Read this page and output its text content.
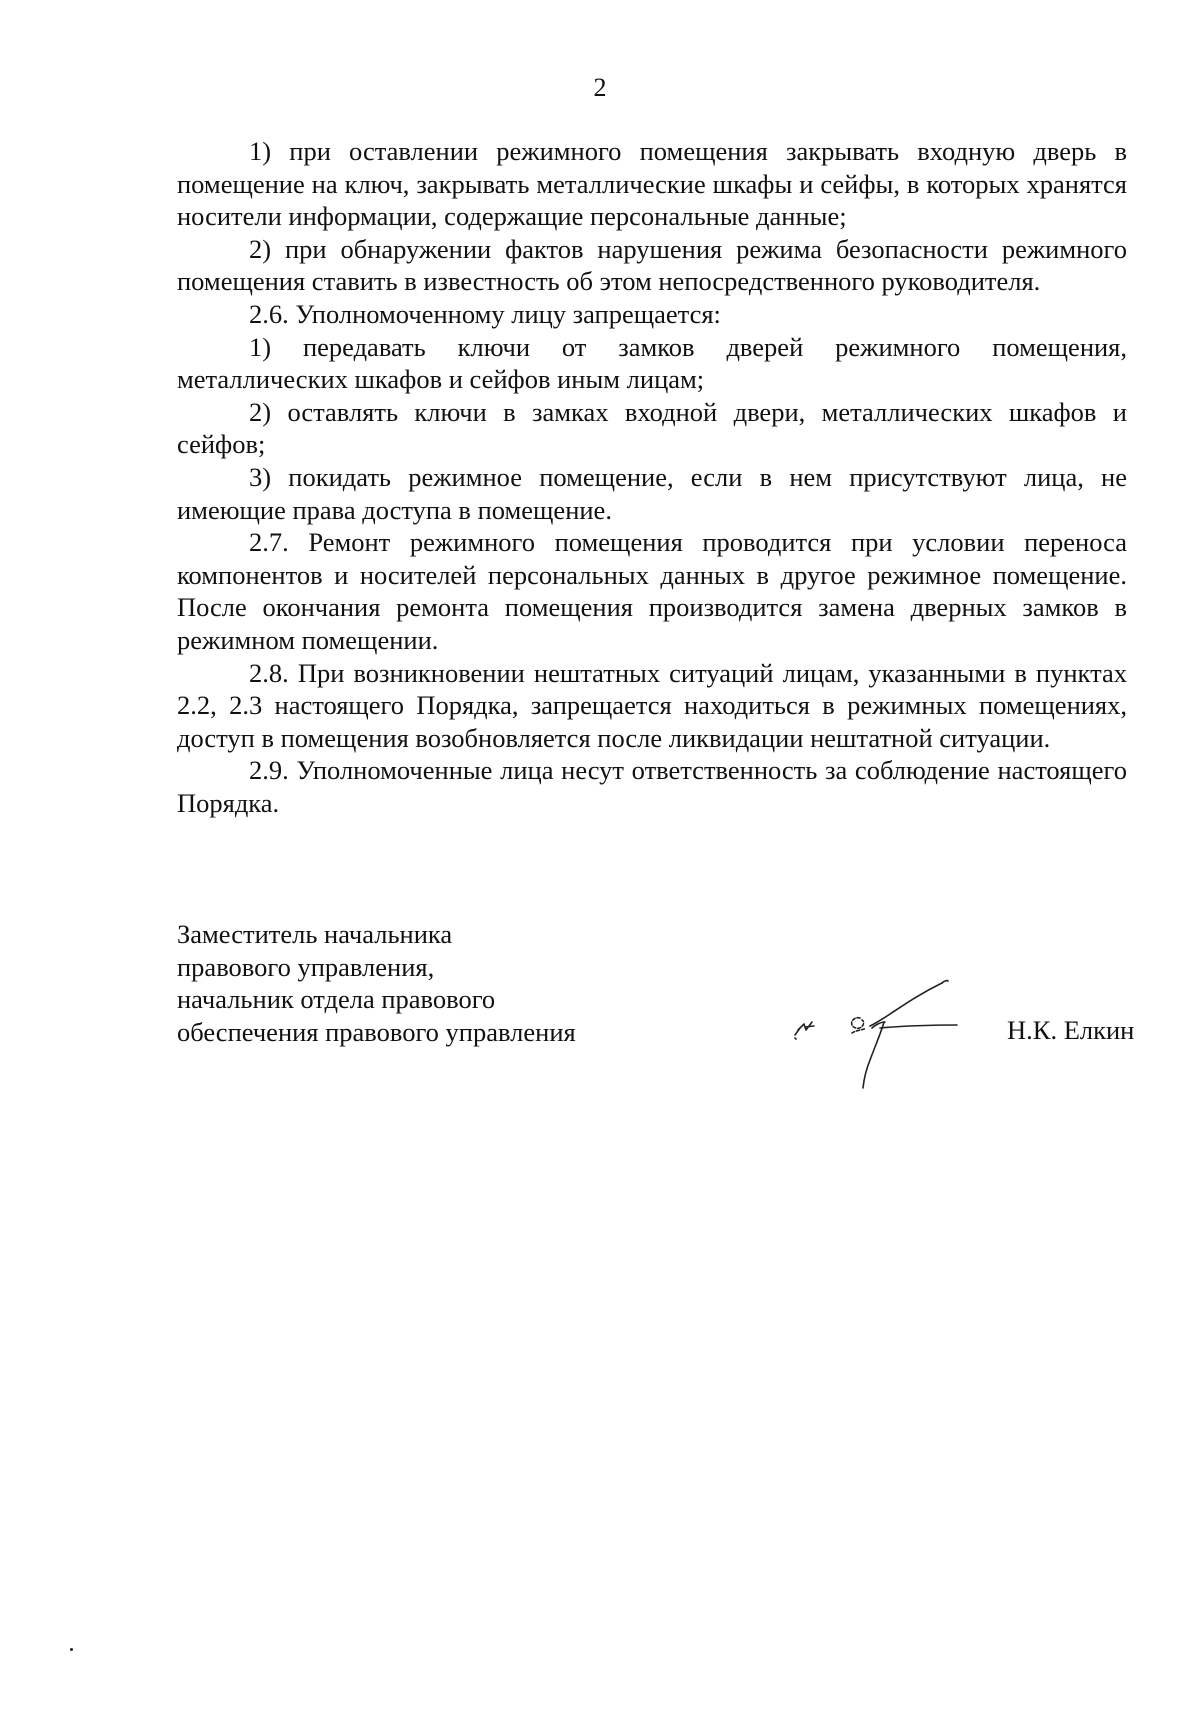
2

1) при оставлении режимного помещения закрывать входную дверь в помещение на ключ, закрывать металлические шкафы и сейфы, в которых хранятся носители информации, содержащие персональные данные;

2) при обнаружении фактов нарушения режима безопасности режимного помещения ставить в известность об этом непосредственного руководителя.

2.6. Уполномоченному лицу запрещается:

1) передавать ключи от замков дверей режимного помещения, металлических шкафов и сейфов иным лицам;

2) оставлять ключи в замках входной двери, металлических шкафов и сейфов;

3) покидать режимное помещение, если в нем присутствуют лица, не имеющие права доступа в помещение.

2.7. Ремонт режимного помещения проводится при условии переноса компонентов и носителей персональных данных в другое режимное помещение. После окончания ремонта помещения производится замена дверных замков в режимном помещении.

2.8. При возникновении нештатных ситуаций лицам, указанными в пунктах 2.2, 2.3 настоящего Порядка, запрещается находиться в режимных помещениях, доступ в помещения возобновляется после ликвидации нештатной ситуации.

2.9. Уполномоченные лица несут ответственность за соблюдение настоящего Порядка.

Заместитель начальника
правового управления,
начальник отдела правового
обеспечения правового управления	Н.К. Елкин
